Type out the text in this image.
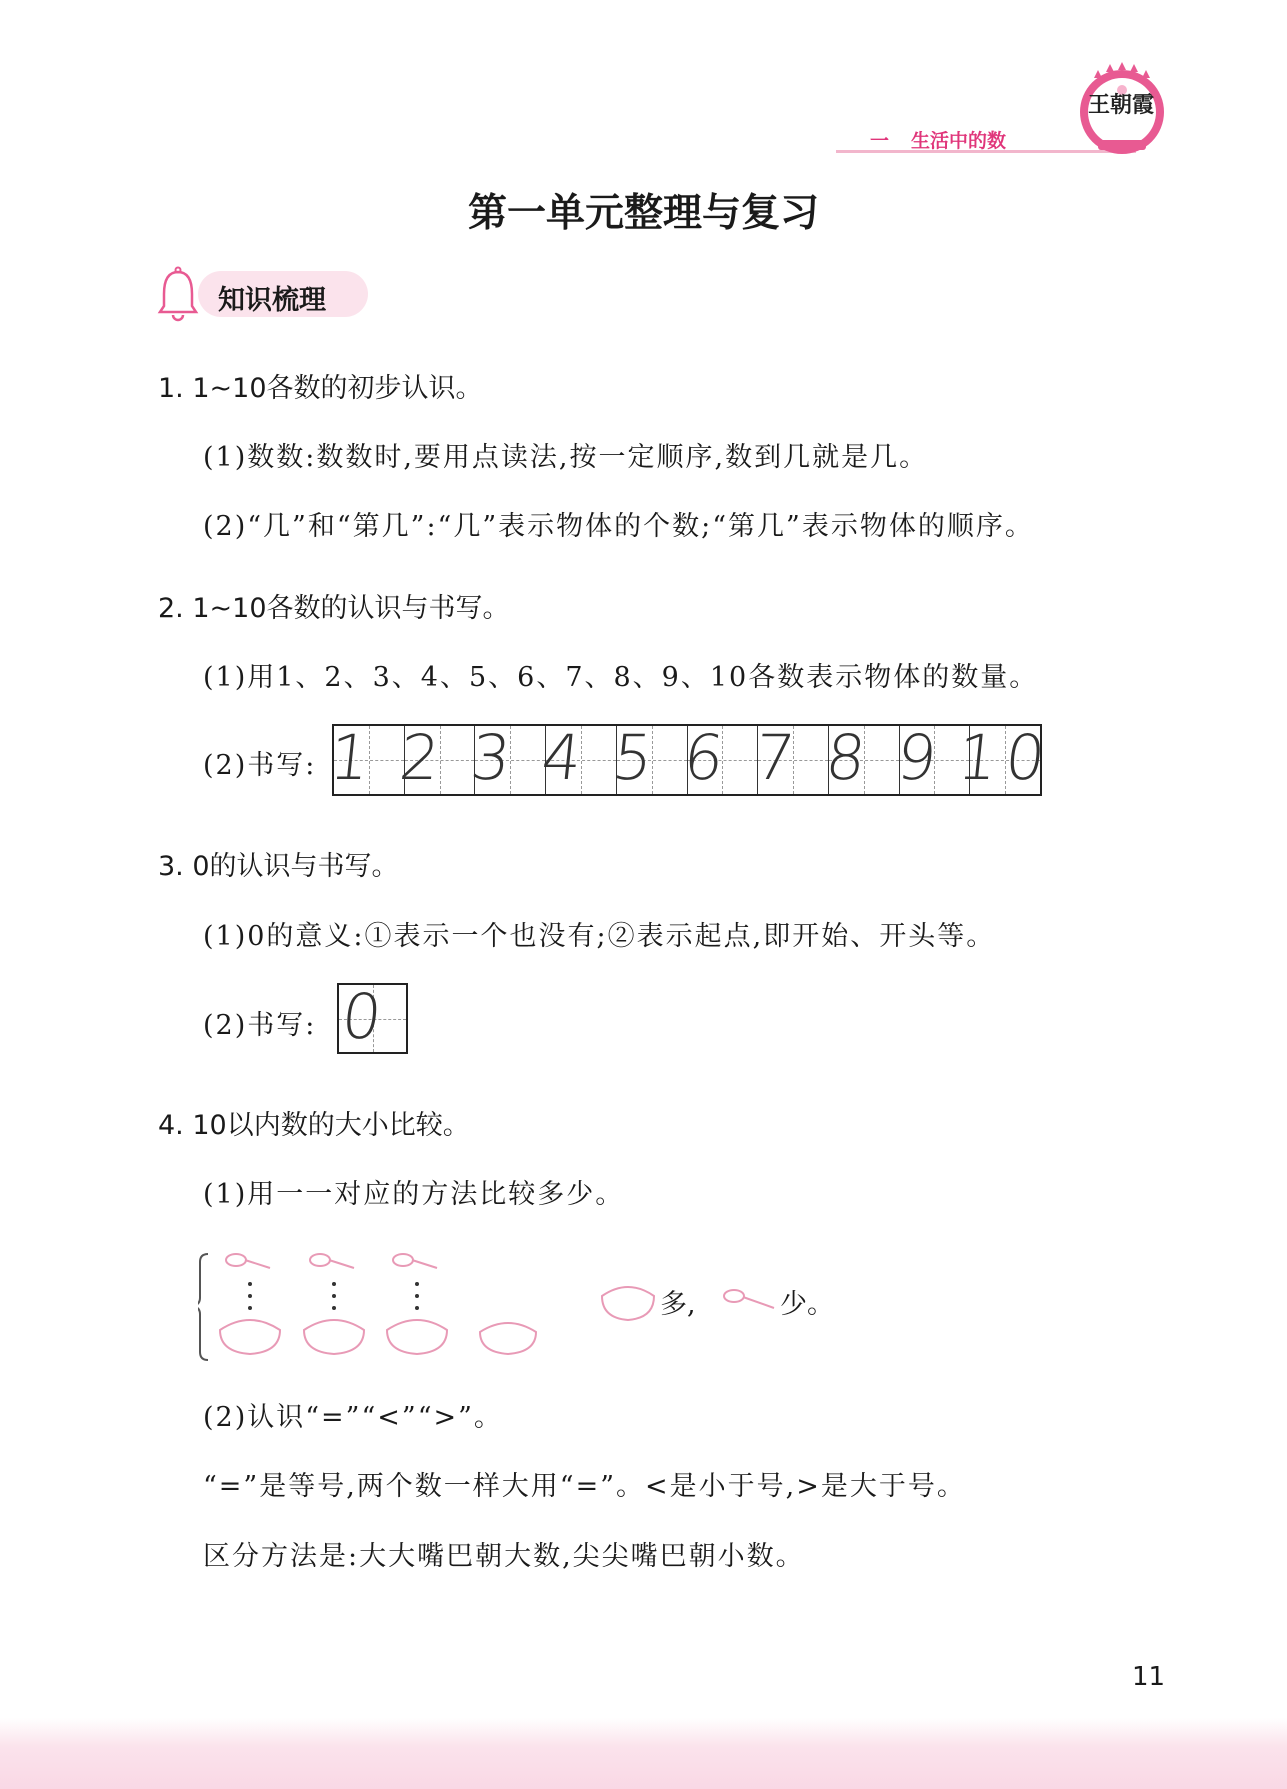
一 生活中的数
王朝霞
第一单元整理与复习
知识梳理
1. 1~10各数的初步认识。
(1)数数:数数时,要用点读法,按一定顺序,数到几就是几。
(2)“几”和“第几”:“几”表示物体的个数;“第几”表示物体的顺序。
2. 1~10各数的认识与书写。
(1)用1、2、3、4、5、6、7、8、9、10各数表示物体的数量。
(2)书写: 1 2 3 4 5 6 7 8 9 10
3. 0的认识与书写。
(1)0的意义:①表示一个也没有;②表示起点,即开始、开头等。
(2)书写: 0
4. 10以内数的大小比较。
(1)用一一对应的方法比较多少。
多,	少。
(2)认识“=”“<”“>”。
“=”是等号,两个数一样大用“=”。<是小于号,>是大于号。
区分方法是:大大嘴巴朝大数,尖尖嘴巴朝小数。
11
